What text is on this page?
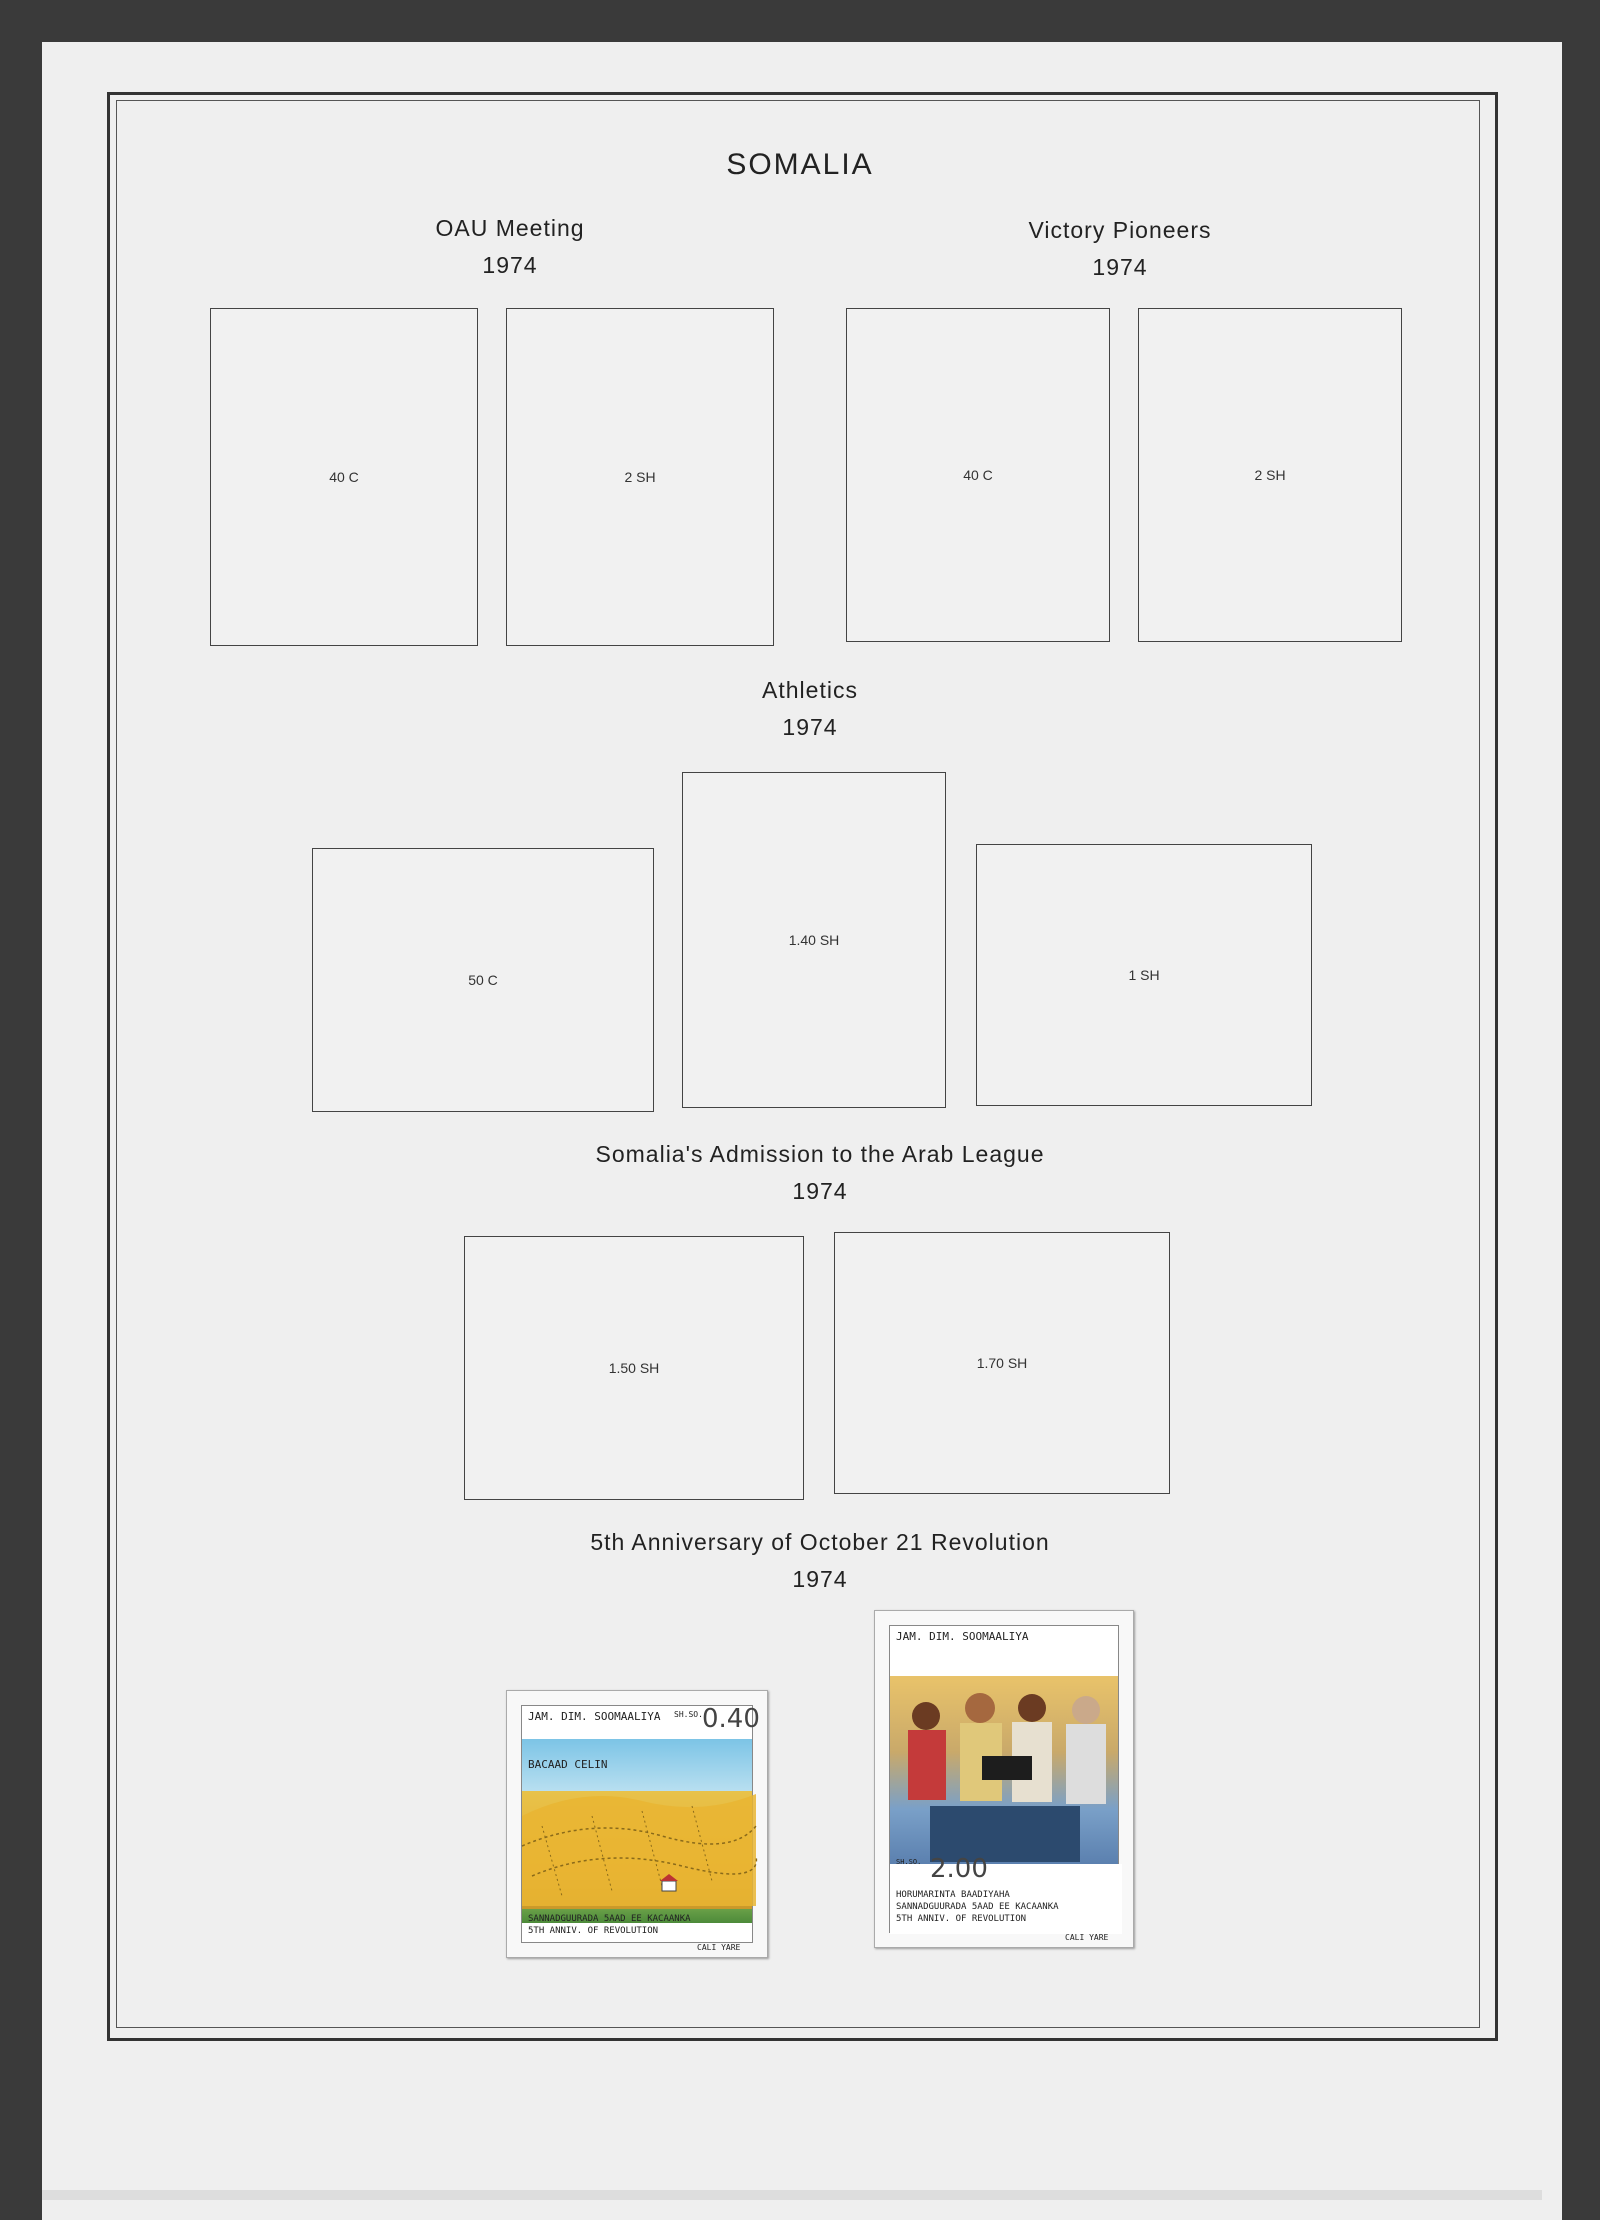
SOMALIA
OAU Meeting
1974
40 C	2 SH
Victory Pioneers
1974
40 C	2 SH
Athletics
1974
50 C
1.40 SH
1 SH
Somalia's Admission to the Arab League
1974
1.50 SH	1.70 SH
5th Anniversary of October 21 Revolution
1974
JAM. DIM. SOOMAALIYA SH.SO. 0.40
BACAAD CELIN
SANNADGUURADA 5AAD EE KACAANKA
5TH ANNIV. OF REVOLUTION
CALI YARE
JAM. DIM. SOOMAALIYA
SH.SO. 2.00
HORUMARINTA BAADIYAHA
SANNADGUURADA 5AAD EE KACAANKA
5TH ANNIV. OF REVOLUTION
CALI YARE
